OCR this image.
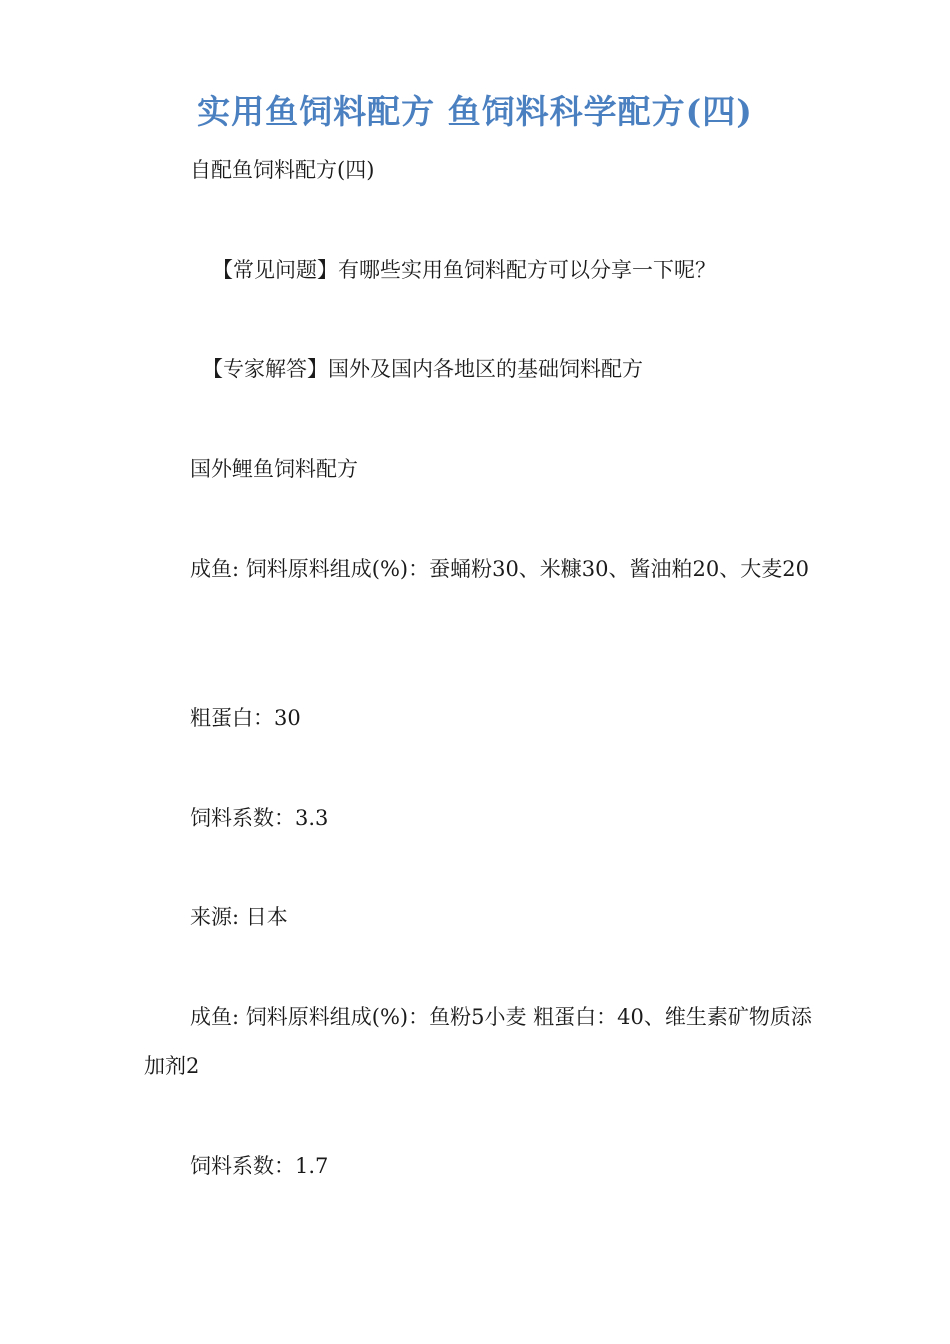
实用鱼饲料配方 鱼饲料科学配方(四)
自配鱼饲料配方(四)
【常见问题】有哪些实用鱼饲料配方可以分享一下呢？
【专家解答】国外及国内各地区的基础饲料配方
国外鲤鱼饲料配方
成鱼: 饲料原料组成(%)：蚕蛹粉30、米糠30、酱油粕20、大麦20
粗蛋白：30
饲料系数：3.3
来源: 日本
成鱼: 饲料原料组成(%)：鱼粉5小麦 粗蛋白：40、维生素矿物质添加剂2
饲料系数：1.7
